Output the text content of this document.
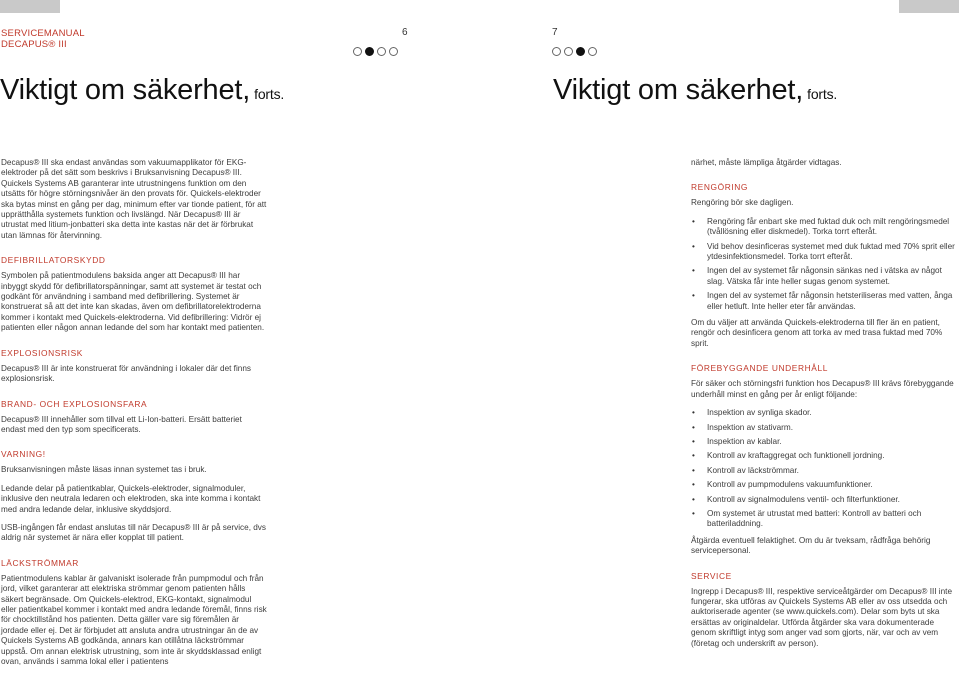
SERVICEMANUAL
DECAPUS® III
6	7
Viktigt om säkerhet, forts.	Viktigt om säkerhet, forts.

Decapus® III ska endast användas som vakuumapplikator för EKG-elektroder på det sätt som beskrivs i Bruksanvisning Decapus® III. Quickels Systems AB garanterar inte utrustningens funktion om den utsätts för högre störningsnivåer än den provats för. Quickels-elektroder ska bytas minst en gång per dag, minimum efter var tionde patient, för att upprätthålla systemets funktion och livslängd. När Decapus® III är utrustat med litium-jonbatteri ska detta inte kastas när det är förbrukat utan lämnas för återvinning.

DEFIBRILLATORSKYDD

Symbolen på patientmodulens baksida anger att Decapus® III har inbyggt skydd för defibrillatorspänningar, samt att systemet är testat och godkänt för användning i samband med defibrillering. Systemet är konstruerat så att det inte kan skadas, även om defibrillatorelektroderna kommer i kontakt med Quickels-elektroderna. Vid defibrillering: Vidrör ej patienten eller någon annan ledande del som har kontakt med patienten.

EXPLOSIONSRISK

Decapus® III är inte konstruerat för användning i lokaler där det finns explosionsrisk.

BRAND- OCH EXPLOSIONSFARA

Decapus® III innehåller som tillval ett Li-Ion-batteri. Ersätt batteriet endast med den typ som specificerats.

VARNING!

Bruksanvisningen måste läsas innan systemet tas i bruk.

Ledande delar på patientkablar, Quickels-elektroder, signalmoduler, inklusive den neutrala ledaren och elektroden, ska inte komma i kontakt med andra ledande delar, inklusive skyddsjord.

USB-ingången får endast anslutas till när Decapus® III är på service, dvs aldrig när systemet är nära eller kopplat till patient.

LÄCKSTRÖMMAR

Patientmodulens kablar är galvaniskt isolerade från pumpmodul och från jord, vilket garanterar att elektriska strömmar genom patienten hålls säkert begränsade. Om Quickels-elektrod, EKG-kontakt, signalmodul eller patientkabel kommer i kontakt med andra ledande föremål, finns risk för chocktillstånd hos patienten. Detta gäller vare sig föremålen är jordade eller ej. Det är förbjudet att ansluta andra utrustningar än de av Quickels Systems AB godkända, annars kan otillåtna läckströmmar uppstå. Om annan elektrisk utrustning, som inte är skyddsklassad enligt ovan, används i samma lokal eller i patientens

närhet, måste lämpliga åtgärder vidtagas.

RENGÖRING

Rengöring bör ske dagligen.

• Rengöring får enbart ske med fuktad duk och milt rengöringsmedel (tvållösning eller diskmedel). Torka torrt efteråt.
• Vid behov desinficeras systemet med duk fuktad med 70% sprit eller ytdesinfektionsmedel. Torka torrt efteråt.
• Ingen del av systemet får någonsin sänkas ned i vätska av något slag. Vätska får inte heller sugas genom systemet.
• Ingen del av systemet får någonsin hetsteriliseras med vatten, ånga eller hetluft. Inte heller eter får användas.

Om du väljer att använda Quickels-elektroderna till fler än en patient, rengör och desinficera genom att torka av med trasa fuktad med 70% sprit.

FÖREBYGGANDE UNDERHÅLL

För säker och störningsfri funktion hos Decapus® III krävs förebyggande underhåll minst en gång per år enligt följande:

• Inspektion av synliga skador.
• Inspektion av stativarm.
• Inspektion av kablar.
• Kontroll av kraftaggregat och funktionell jordning.
• Kontroll av läckströmmar.
• Kontroll av pumpmodulens vakuumfunktioner.
• Kontroll av signalmodulens ventil- och filterfunktioner.
• Om systemet är utrustat med batteri: Kontroll av batteri och batteriladdning.

Åtgärda eventuell felaktighet. Om du är tveksam, rådfråga behörig servicepersonal.

SERVICE

Ingrepp i Decapus® III, respektive serviceåtgärder om Decapus® III inte fungerar, ska utföras av Quickels Systems AB eller av oss utsedda och auktoriserade agenter (se www.quickels.com). Delar som byts ut ska ersättas av originaldelar. Utförda åtgärder ska vara dokumenterade genom skriftligt intyg som anger vad som gjorts, när, var och av vem (företag och underskrift av person).
